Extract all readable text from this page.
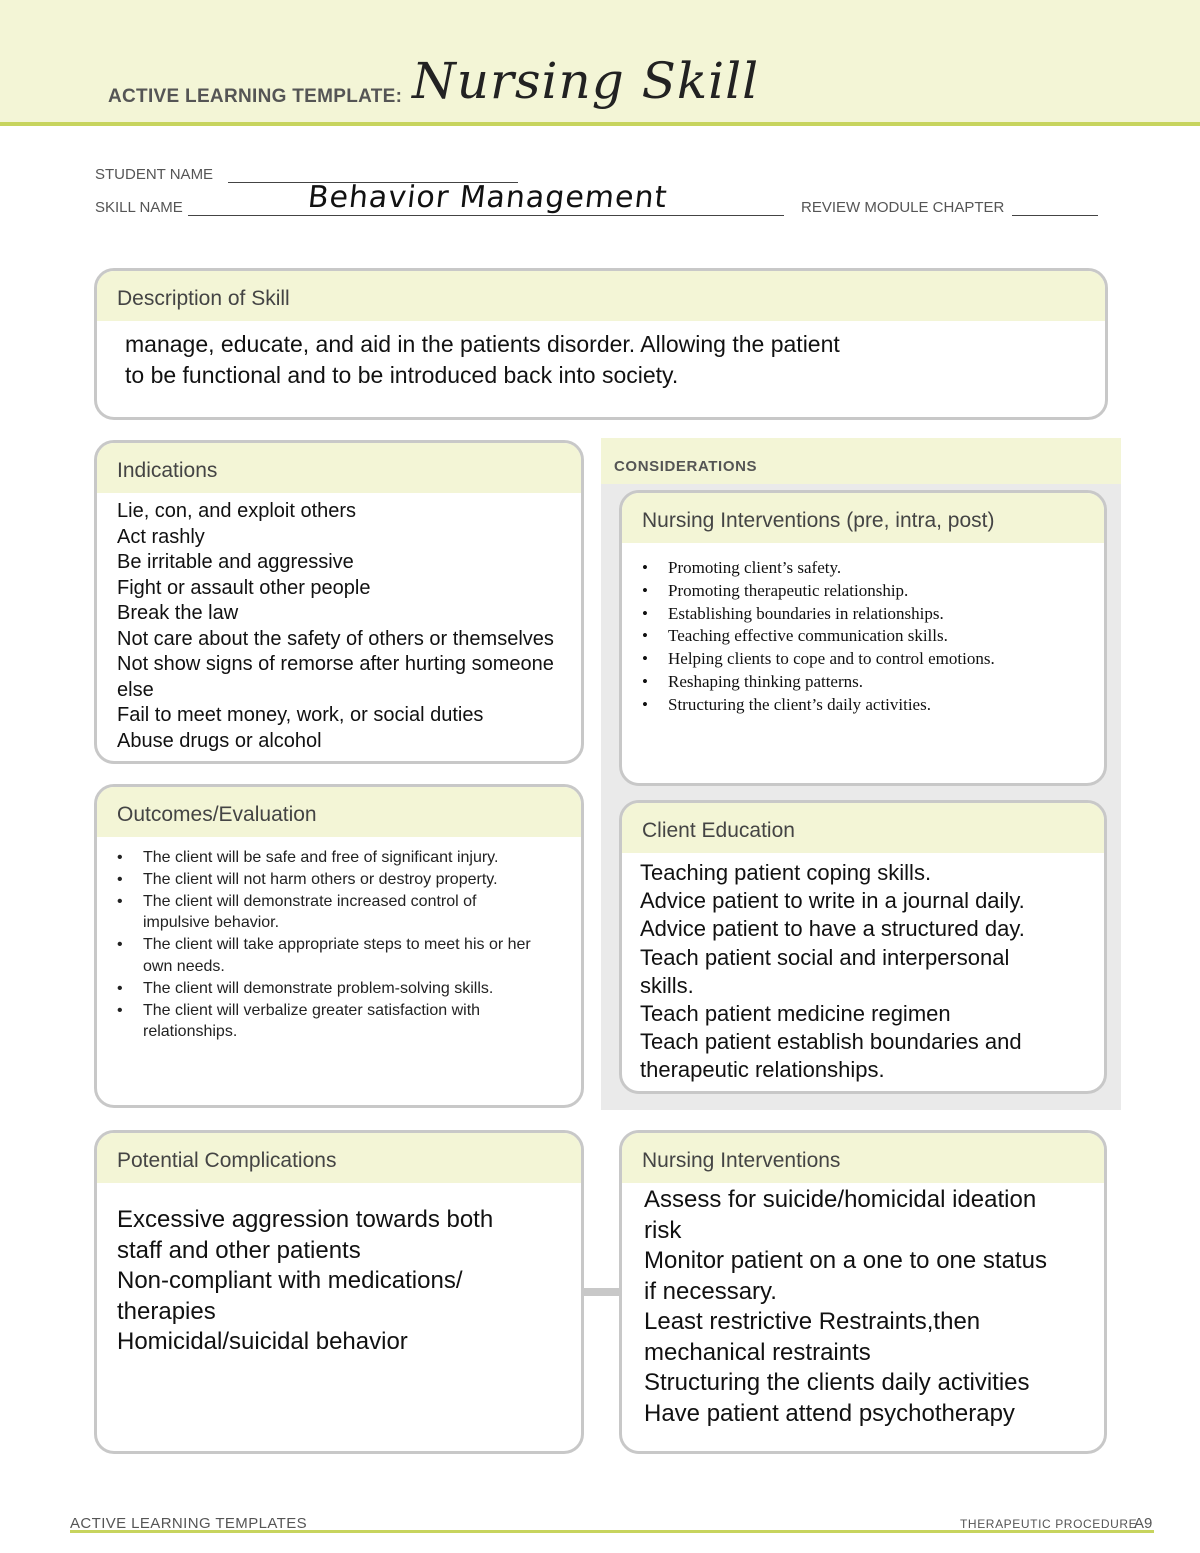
ACTIVE LEARNING TEMPLATE: Nursing Skill
STUDENT NAME
SKILL NAME	Behavior Management	REVIEW MODULE CHAPTER
Description of Skill
manage, educate, and aid in the patients disorder. Allowing the patient
to be functional and to be introduced back into society.
Indications
Lie, con, and exploit others
Act rashly
Be irritable and aggressive
Fight or assault other people
Break the law
Not care about the safety of others or themselves
Not show signs of remorse after hurting someone
else
Fail to meet money, work, or social duties
Abuse drugs or alcohol
CONSIDERATIONS
Nursing Interventions (pre, intra, post)
• Promoting client’s safety.
• Promoting therapeutic relationship.
• Establishing boundaries in relationships.
• Teaching effective communication skills.
• Helping clients to cope and to control emotions.
• Reshaping thinking patterns.
• Structuring the client’s daily activities.
Outcomes/Evaluation
• The client will be safe and free of significant injury.
• The client will not harm others or destroy property.
• The client will demonstrate increased control of impulsive behavior.
• The client will take appropriate steps to meet his or her own needs.
• The client will demonstrate problem-solving skills.
• The client will verbalize greater satisfaction with relationships.
Client Education
Teaching patient coping skills.
Advice patient to write in a journal daily.
Advice patient to have a structured day.
Teach patient social and interpersonal
skills.
Teach patient medicine regimen
Teach patient establish boundaries and
therapeutic relationships.
Potential Complications
Excessive aggression towards both
staff and other patients
Non-compliant with medications/
therapies
Homicidal/suicidal behavior
Nursing Interventions
Assess for suicide/homicidal ideation
risk
Monitor patient on a one to one status
if necessary.
Least restrictive Restraints,then
mechanical restraints
Structuring the clients daily activities
Have patient attend psychotherapy
ACTIVE LEARNING TEMPLATES	THERAPEUTIC PROCEDURE
A9
